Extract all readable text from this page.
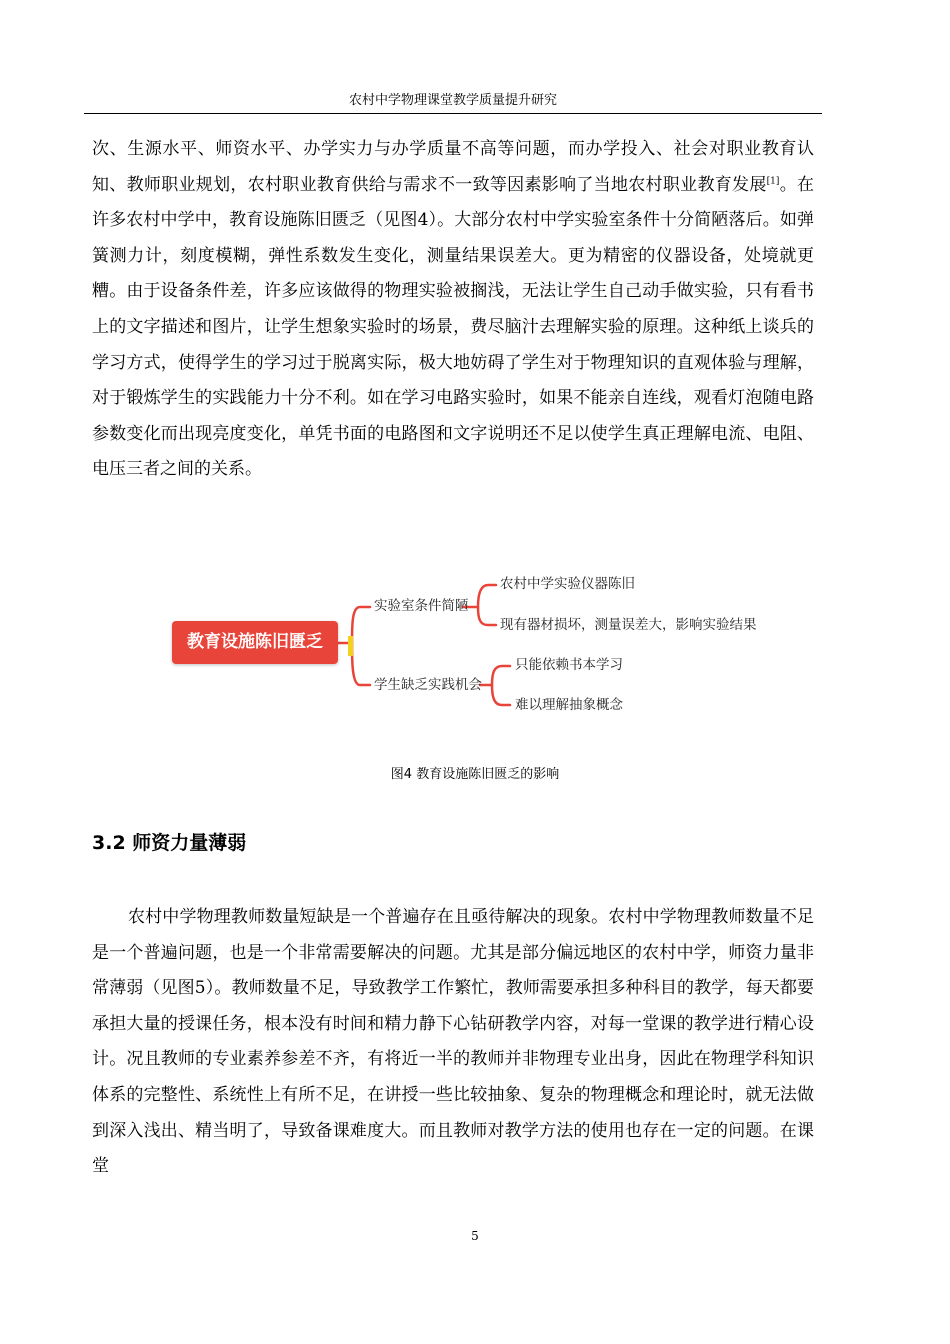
农村中学物理课堂教学质量提升研究

次、生源水平、师资水平、办学实力与办学质量不高等问题，而办学投入、社会对职业教育认知、教师职业规划，农村职业教育供给与需求不一致等因素影响了当地农村职业教育发展[1]。在许多农村中学中，教育设施陈旧匮乏（见图4）。大部分农村中学实验室条件十分简陋落后。如弹簧测力计，刻度模糊，弹性系数发生变化，测量结果误差大。更为精密的仪器设备，处境就更糟。由于设备条件差，许多应该做得的物理实验被搁浅，无法让学生自己动手做实验，只有看书上的文字描述和图片，让学生想象实验时的场景，费尽脑汁去理解实验的原理。这种纸上谈兵的学习方式，使得学生的学习过于脱离实际，极大地妨碍了学生对于物理知识的直观体验与理解，对于锻炼学生的实践能力十分不利。如在学习电路实验时，如果不能亲自连线，观看灯泡随电路参数变化而出现亮度变化，单凭书面的电路图和文字说明还不足以使学生真正理解电流、电阻、电压三者之间的关系。

教育设施陈旧匮乏
实验室条件简陋
农村中学实验仪器陈旧
现有器材损坏，测量误差大，影响实验结果
学生缺乏实践机会
只能依赖书本学习
难以理解抽象概念
图4 教育设施陈旧匮乏的影响
3.2 师资力量薄弱

农村中学物理教师数量短缺是一个普遍存在且亟待解决的现象。农村中学物理教师数量不足是一个普遍问题，也是一个非常需要解决的问题。尤其是部分偏远地区的农村中学，师资力量非常薄弱（见图5）。教师数量不足，导致教学工作繁忙，教师需要承担多种科目的教学，每天都要承担大量的授课任务，根本没有时间和精力静下心钻研教学内容，对每一堂课的教学进行精心设计。况且教师的专业素养参差不齐，有将近一半的教师并非物理专业出身，因此在物理学科知识体系的完整性、系统性上有所不足，在讲授一些比较抽象、复杂的物理概念和理论时，就无法做到深入浅出、精当明了，导致备课难度大。而且教师对教学方法的使用也存在一定的问题。在课堂

5
